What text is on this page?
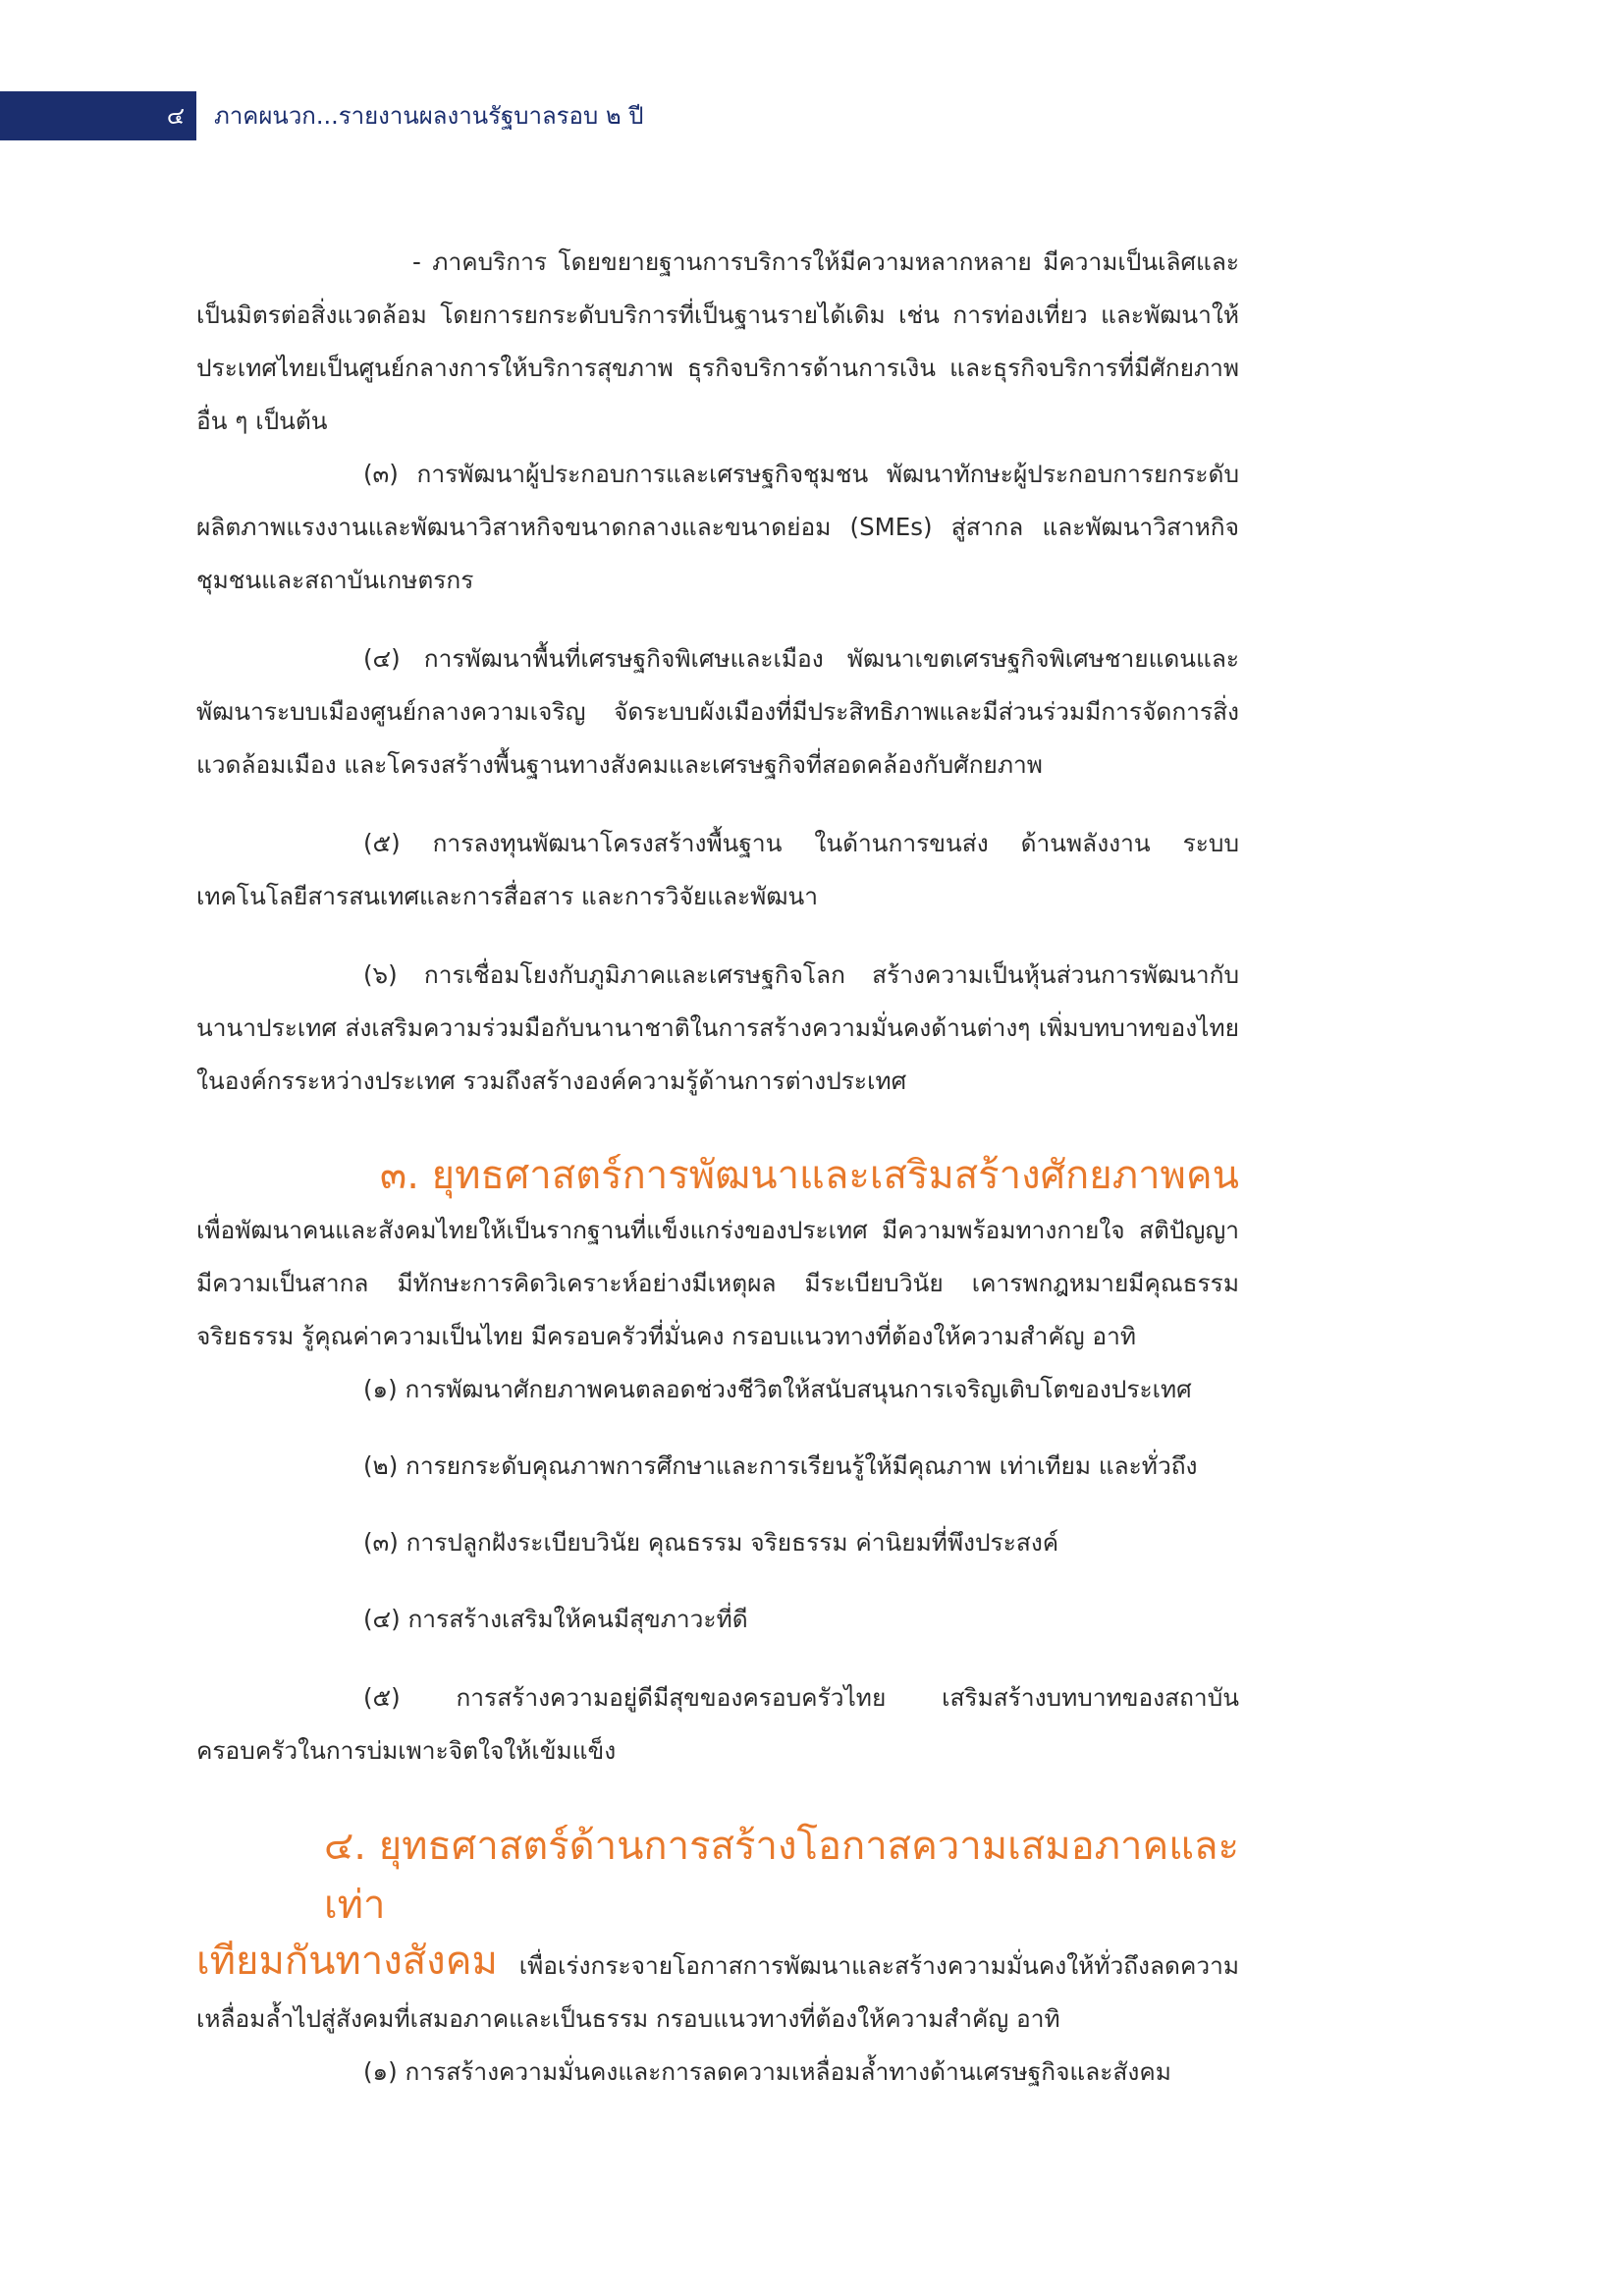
๔ ภาคผนวก...รายงานผลงานรัฐบาลรอบ ๒ ปี

- ภาคบริการ โดยขยายฐานการบริการให้มีความหลากหลาย มีความเป็นเลิศและเป็นมิตรต่อสิ่งแวดล้อม โดยการยกระดับบริการที่เป็นฐานรายได้เดิม เช่น การท่องเที่ยว และพัฒนาให้ประเทศไทยเป็นศูนย์กลางการให้บริการสุขภาพ ธุรกิจบริการด้านการเงิน และธุรกิจบริการที่มีศักยภาพอื่น ๆ เป็นต้น

(๓) การพัฒนาผู้ประกอบการและเศรษฐกิจชุมชน พัฒนาทักษะผู้ประกอบการยกระดับผลิตภาพแรงงานและพัฒนาวิสาหกิจขนาดกลางและขนาดย่อม (SMEs) สู่สากล และพัฒนาวิสาหกิจชุมชนและสถาบันเกษตรกร

(๔) การพัฒนาพื้นที่เศรษฐกิจพิเศษและเมือง พัฒนาเขตเศรษฐกิจพิเศษชายแดนและพัฒนาระบบเมืองศูนย์กลางความเจริญ จัดระบบผังเมืองที่มีประสิทธิภาพและมีส่วนร่วมมีการจัดการสิ่งแวดล้อมเมือง และโครงสร้างพื้นฐานทางสังคมและเศรษฐกิจที่สอดคล้องกับศักยภาพ

(๕) การลงทุนพัฒนาโครงสร้างพื้นฐาน ในด้านการขนส่ง ด้านพลังงาน ระบบเทคโนโลยีสารสนเทศและการสื่อสาร และการวิจัยและพัฒนา

(๖) การเชื่อมโยงกับภูมิภาคและเศรษฐกิจโลก สร้างความเป็นหุ้นส่วนการพัฒนากับนานาประเทศ ส่งเสริมความร่วมมือกับนานาชาติในการสร้างความมั่นคงด้านต่างๆ เพิ่มบทบาทของไทยในองค์กรระหว่างประเทศ รวมถึงสร้างองค์ความรู้ด้านการต่างประเทศ

๓. ยุทธศาสตร์การพัฒนาและเสริมสร้างศักยภาพคน

เพื่อพัฒนาคนและสังคมไทยให้เป็นรากฐานที่แข็งแกร่งของประเทศ มีความพร้อมทางกายใจ สติปัญญา มีความเป็นสากล มีทักษะการคิดวิเคราะห์อย่างมีเหตุผล มีระเบียบวินัย เคารพกฎหมายมีคุณธรรม จริยธรรม รู้คุณค่าความเป็นไทย มีครอบครัวที่มั่นคง กรอบแนวทางที่ต้องให้ความสำคัญ อาทิ

(๑) การพัฒนาศักยภาพคนตลอดช่วงชีวิตให้สนับสนุนการเจริญเติบโตของประเทศ

(๒) การยกระดับคุณภาพการศึกษาและการเรียนรู้ให้มีคุณภาพ เท่าเทียม และทั่วถึง

(๓) การปลูกฝังระเบียบวินัย คุณธรรม จริยธรรม ค่านิยมที่พึงประสงค์

(๔) การสร้างเสริมให้คนมีสุขภาวะที่ดี

(๕) การสร้างความอยู่ดีมีสุขของครอบครัวไทย เสริมสร้างบทบาทของสถาบันครอบครัวในการบ่มเพาะจิตใจให้เข้มแข็ง

๔. ยุทธศาสตร์ด้านการสร้างโอกาสความเสมอภาคและเท่า

เทียมกันทางสังคม เพื่อเร่งกระจายโอกาสการพัฒนาและสร้างความมั่นคงให้ทั่วถึงลดความเหลื่อมล้ำไปสู่สังคมที่เสมอภาคและเป็นธรรม กรอบแนวทางที่ต้องให้ความสำคัญ อาทิ

(๑) การสร้างความมั่นคงและการลดความเหลื่อมล้ำทางด้านเศรษฐกิจและสังคม
